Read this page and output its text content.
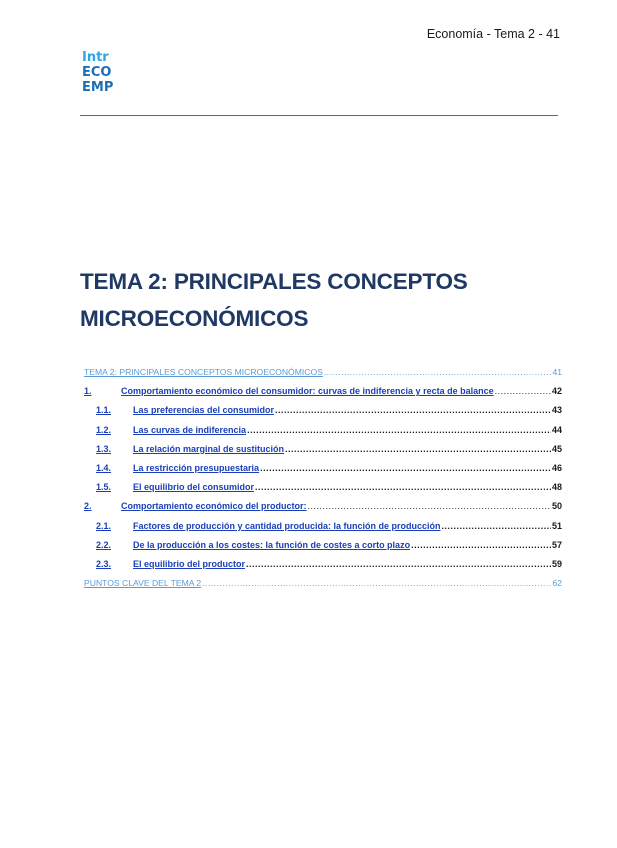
Economía - Tema 2 - 41
Intr
ECO
EMP
TEMA 2: PRINCIPALES CONCEPTOS MICROECONÓMICOS
TEMA 2: PRINCIPALES CONCEPTOS MICROECONÓMICOS .....	41
1.	Comportamiento económico del consumidor: curvas de indiferencia y recta de balance .....	42
1.1.	Las preferencias del consumidor .....	43
1.2.	Las curvas de indiferencia .....	44
1.3.	La relación marginal de sustitución .....	45
1.4.	La restricción presupuestaria .....	46
1.5.	El equilibrio del consumidor .....	48
2.	Comportamiento económico del productor: .....	50
2.1.	Factores de producción y cantidad producida: la función de producción .....	51
2.2.	De la producción a los costes: la función de costes a corto plazo .....	57
2.3.	El equilibrio del productor .....	59
PUNTOS CLAVE DEL TEMA 2 .....	62
